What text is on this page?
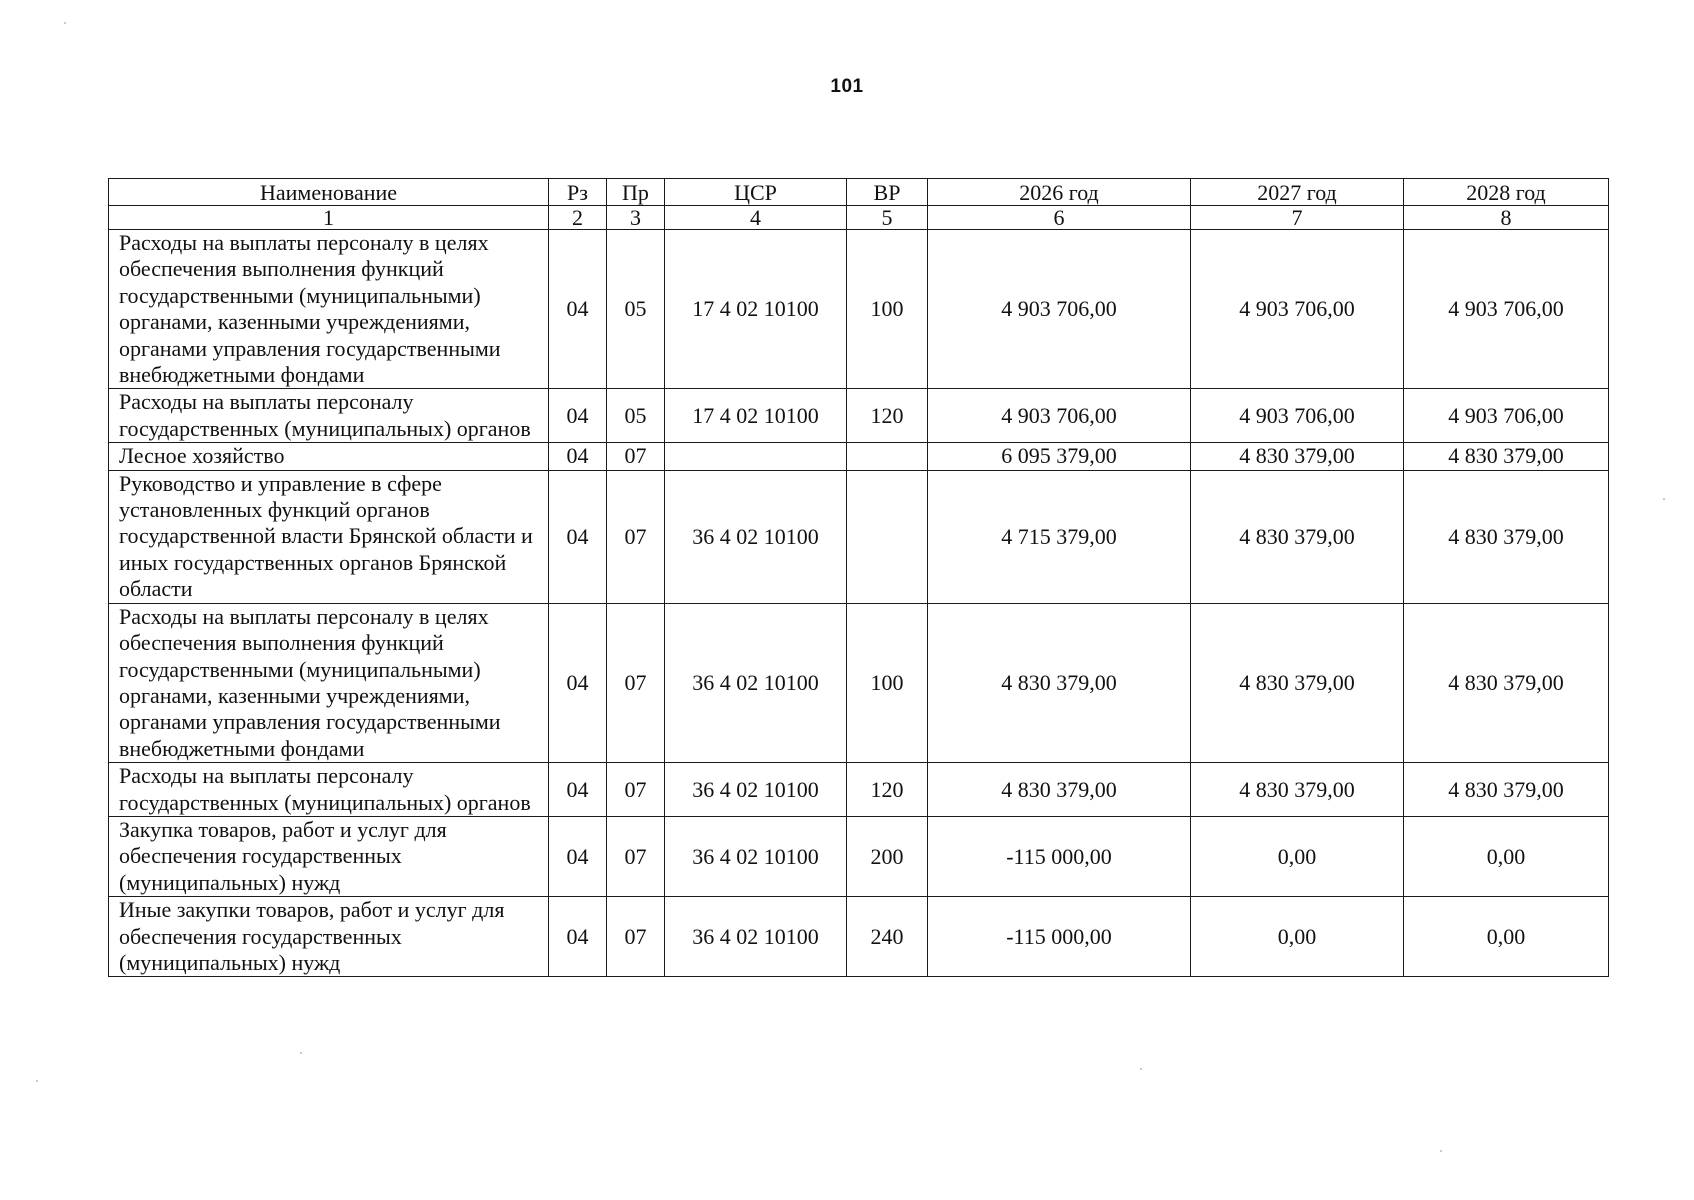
101
Наименование	Рз	Пр	ЦСР	ВР	2026 год	2027 год	2028 год
1	2	3	4	5	6	7	8
Расходы на выплаты персоналу в целях обеспечения выполнения функций государственными (муниципальными) органами, казенными учреждениями, органами управления государственными внебюджетными фондами	04	05	17 4 02 10100	100	4 903 706,00	4 903 706,00	4 903 706,00
Расходы на выплаты персоналу государственных (муниципальных) органов	04	05	17 4 02 10100	120	4 903 706,00	4 903 706,00	4 903 706,00
Лесное хозяйство	04	07			6 095 379,00	4 830 379,00	4 830 379,00
Руководство и управление в сфере установленных функций органов государственной власти Брянской области и иных государственных органов Брянской области	04	07	36 4 02 10100		4 715 379,00	4 830 379,00	4 830 379,00
Расходы на выплаты персоналу в целях обеспечения выполнения функций государственными (муниципальными) органами, казенными учреждениями, органами управления государственными внебюджетными фондами	04	07	36 4 02 10100	100	4 830 379,00	4 830 379,00	4 830 379,00
Расходы на выплаты персоналу государственных (муниципальных) органов	04	07	36 4 02 10100	120	4 830 379,00	4 830 379,00	4 830 379,00
Закупка товаров, работ и услуг для обеспечения государственных (муниципальных) нужд	04	07	36 4 02 10100	200	-115 000,00	0,00	0,00
Иные закупки товаров, работ и услуг для обеспечения государственных (муниципальных) нужд	04	07	36 4 02 10100	240	-115 000,00	0,00	0,00
